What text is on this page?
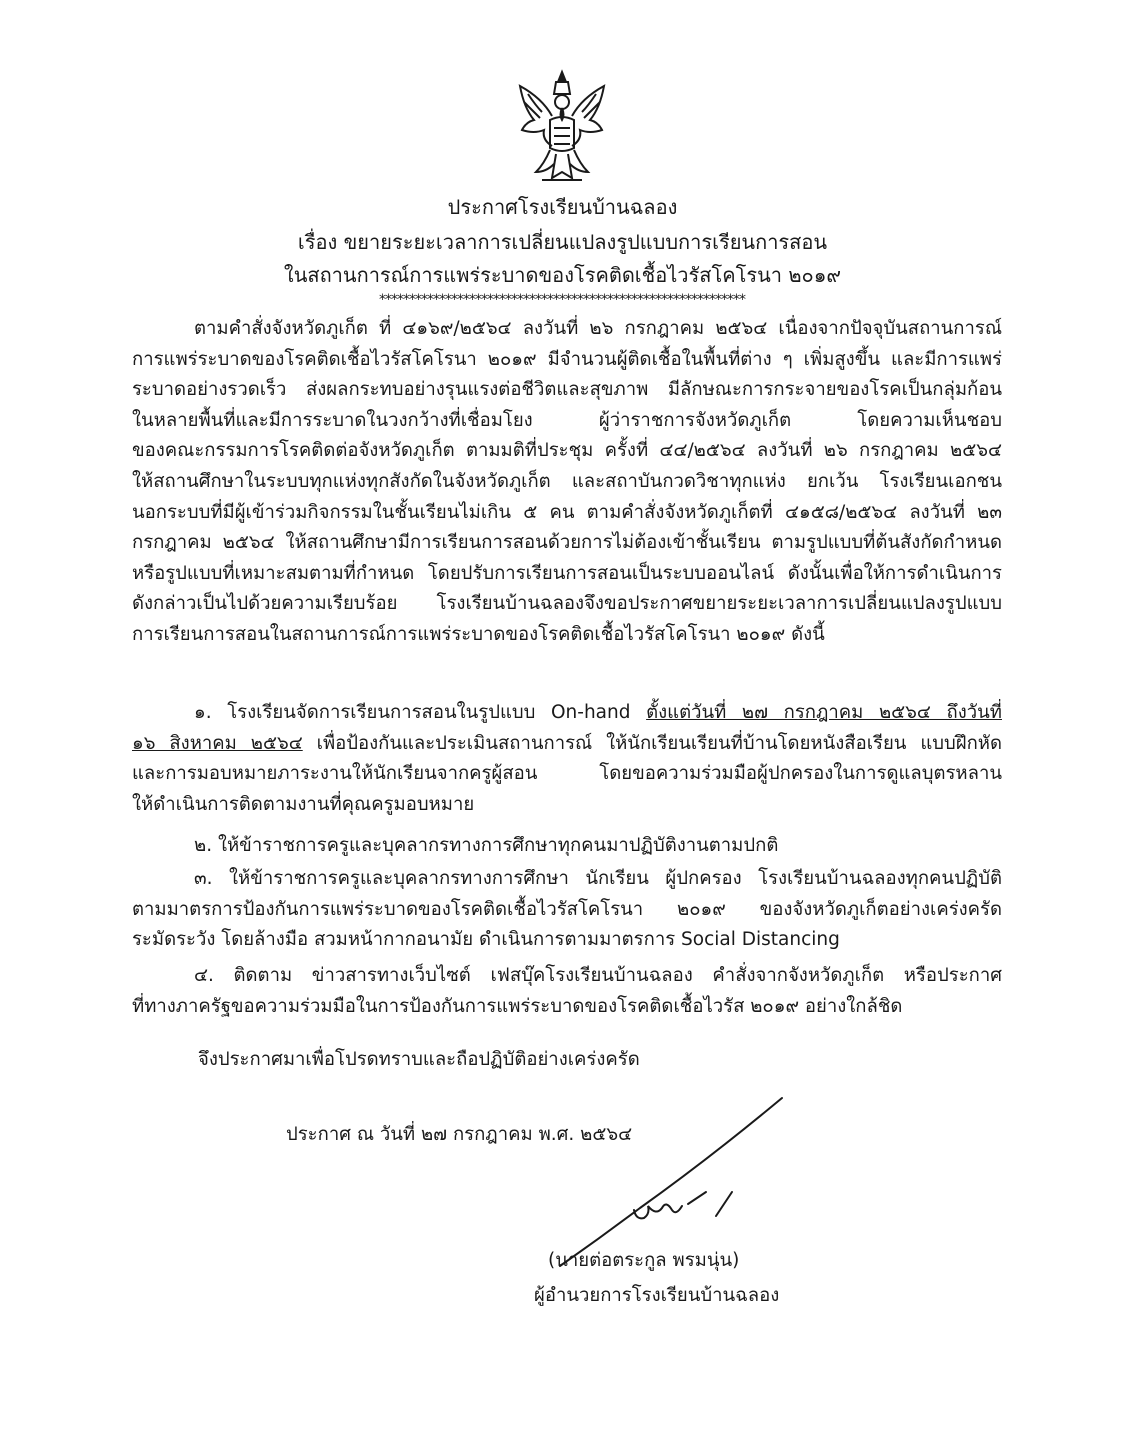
ประกาศโรงเรียนบ้านฉลอง
เรื่อง ขยายระยะเวลาการเปลี่ยนแปลงรูปแบบการเรียนการสอน
ในสถานการณ์การแพร่ระบาดของโรคติดเชื้อไวรัสโคโรนา ๒๐๑๙
*************************************************************
ตามคำสั่งจังหวัดภูเก็ต ที่ ๔๑๖๙/๒๕๖๔ ลงวันที่ ๒๖ กรกฎาคม ๒๕๖๔ เนื่องจากปัจจุบันสถานการณ์
การแพร่ระบาดของโรคติดเชื้อไวรัสโคโรนา ๒๐๑๙ มีจำนวนผู้ติดเชื้อในพื้นที่ต่าง ๆ เพิ่มสูงขึ้น และมีการแพร่
ระบาดอย่างรวดเร็ว ส่งผลกระทบอย่างรุนแรงต่อชีวิตและสุขภาพ มีลักษณะการกระจายของโรคเป็นกลุ่มก้อน
ในหลายพื้นที่และมีการระบาดในวงกว้างที่เชื่อมโยง ผู้ว่าราชการจังหวัดภูเก็ต โดยความเห็นชอบ
ของคณะกรรมการโรคติดต่อจังหวัดภูเก็ต ตามมติที่ประชุม ครั้งที่ ๔๔/๒๕๖๔ ลงวันที่ ๒๖ กรกฎาคม ๒๕๖๔
ให้สถานศึกษาในระบบทุกแห่งทุกสังกัดในจังหวัดภูเก็ต และสถาบันกวดวิชาทุกแห่ง ยกเว้น โรงเรียนเอกชน
นอกระบบที่มีผู้เข้าร่วมกิจกรรมในชั้นเรียนไม่เกิน ๕ คน ตามคำสั่งจังหวัดภูเก็ตที่ ๔๑๕๘/๒๕๖๔ ลงวันที่ ๒๓
กรกฎาคม ๒๕๖๔ ให้สถานศึกษามีการเรียนการสอนด้วยการไม่ต้องเข้าชั้นเรียน ตามรูปแบบที่ต้นสังกัดกำหนด
หรือรูปแบบที่เหมาะสมตามที่กำหนด โดยปรับการเรียนการสอนเป็นระบบออนไลน์ ดังนั้นเพื่อให้การดำเนินการ
ดังกล่าวเป็นไปด้วยความเรียบร้อย โรงเรียนบ้านฉลองจึงขอประกาศขยายระยะเวลาการเปลี่ยนแปลงรูปแบบ
การเรียนการสอนในสถานการณ์การแพร่ระบาดของโรคติดเชื้อไวรัสโคโรนา ๒๐๑๙ ดังนี้
๑. โรงเรียนจัดการเรียนการสอนในรูปแบบ On-hand ตั้งแต่วันที่ ๒๗ กรกฎาคม ๒๕๖๔ ถึงวันที่
๑๖ สิงหาคม ๒๕๖๔ เพื่อป้องกันและประเมินสถานการณ์ ให้นักเรียนเรียนที่บ้านโดยหนังสือเรียน แบบฝึกหัด
และการมอบหมายภาระงานให้นักเรียนจากครูผู้สอน โดยขอความร่วมมือผู้ปกครองในการดูแลบุตรหลาน
ให้ดำเนินการติดตามงานที่คุณครูมอบหมาย
๒. ให้ข้าราชการครูและบุคลากรทางการศึกษาทุกคนมาปฏิบัติงานตามปกติ
๓. ให้ข้าราชการครูและบุคลากรทางการศึกษา นักเรียน ผู้ปกครอง โรงเรียนบ้านฉลองทุกคนปฏิบัติ
ตามมาตรการป้องกันการแพร่ระบาดของโรคติดเชื้อไวรัสโคโรนา ๒๐๑๙ ของจังหวัดภูเก็ตอย่างเคร่งครัด
ระมัดระวัง โดยล้างมือ สวมหน้ากากอนามัย ดำเนินการตามมาตรการ Social Distancing
๔. ติดตาม ข่าวสารทางเว็บไซต์ เฟสบุ๊คโรงเรียนบ้านฉลอง คำสั่งจากจังหวัดภูเก็ต หรือประกาศ
ที่ทางภาครัฐขอความร่วมมือในการป้องกันการแพร่ระบาดของโรคติดเชื้อไวรัส ๒๐๑๙ อย่างใกล้ชิด
จึงประกาศมาเพื่อโปรดทราบและถือปฏิบัติอย่างเคร่งครัด
ประกาศ ณ วันที่ ๒๗ กรกฎาคม พ.ศ. ๒๕๖๔
(นายต่อตระกูล พรมนุ่น)
ผู้อำนวยการโรงเรียนบ้านฉลอง
